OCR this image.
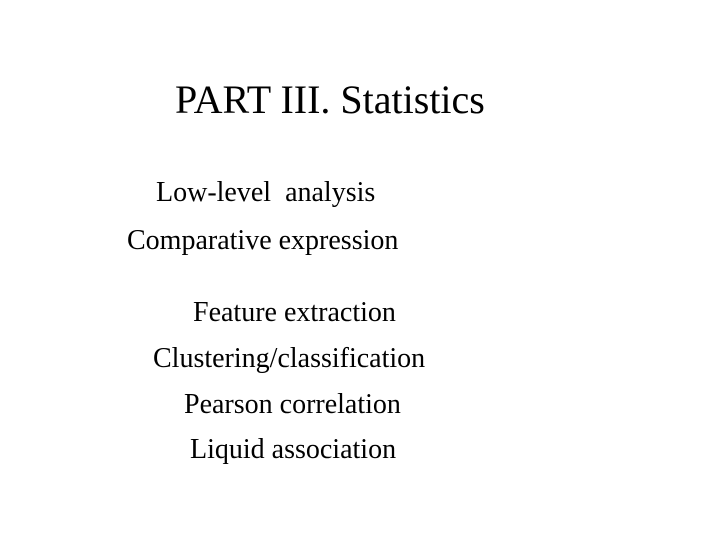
PART III. Statistics
Low-level  analysis
Comparative expression
Feature extraction
Clustering/classification
Pearson correlation
Liquid association
